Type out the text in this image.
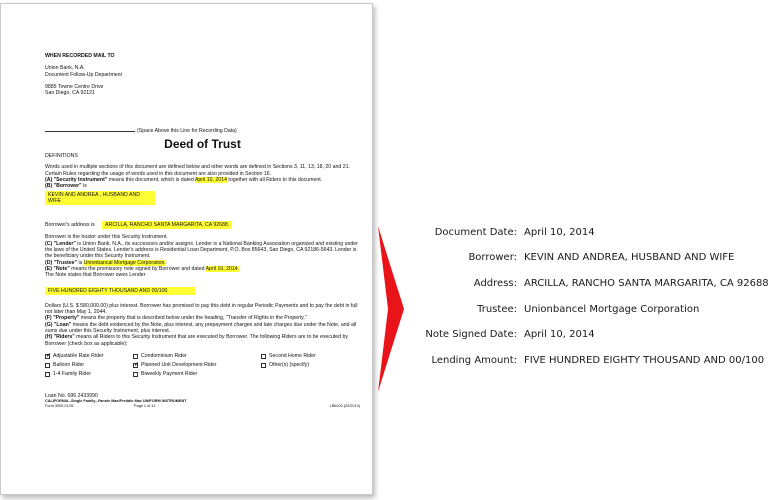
WHEN RECORDED MAIL TO
Union Bank, N.A.
Document Follow-Up Department

9885 Towne Centre Drive
San Diego, CA 92121
(Space Above this Line for Recording Data)
Deed of Trust
DEFINITIONS
Words used in multiple sections of this document are defined below and other words are defined in Sections 3, 11, 13, 18, 20 and 21. Certain Rules regarding the usage of words used in this document are also provided in Section 16.
(A) "Security Instrument" means this document, which is dated April 10, 2014 together with all Riders to this document.
(B) "Borrower" is
KEVIN AND ANDREA , HUSBAND AND WIFE
Borrower's address is ARCILLA, RANCHO SANTA MARGARITA, CA 92688.
Borrower is the trustor under this Security Instrument.
(C) "Lender" is Union Bank, N.A., its successors and/or assigns. Lender is a National Banking Association organized and existing under the laws of the United States. Lender's address is Residential Loan Department, P.O. Box 85643, San Diego, CA 92186-5643. Lender is the beneficiary under this Security Instrument.
(D) "Trustee" is Unionbancal Mortgage Corporation.
(E) "Note" means the promissory note signed by Borrower and dated April 10, 2014.
The Note states that Borrower owes Lender
FIVE HUNDRED EIGHTY THOUSAND AND 00/100
Dollars (U.S. $ 580,000.00) plus interest. Borrower has promised to pay this debt in regular Periodic Payments and to pay the debt in full not later than May 1, 2044.
(F) "Property" means the property that is described below under the heading, "Transfer of Rights in the Property."
(G) "Loan" means the debt evidenced by the Note, plus interest, any prepayment charges and late charges due under the Note, and all sums due under this Security Instrument, plus interest.
(H) "Riders" means all Riders to this Security Instrument that are executed by Borrower. The following Riders are to be executed by Borrower (check box as applicable):
✓
Adjustable Rate Rider
Balloon Rider
1-4 Family Rider
Condominium Rider
✓
Planned Unit Development Rider
Biweekly Payment Rider
Second Home Rider
Other(s) (specify)
Loan No. 696 2433990
CALIFORNIA--Single Family--Fannie Mae/Freddie Mac UNIFORM INSTRUMENT
Form 3005 01/01	Page 1 of 12	LB6200 (02/2013)
Document Date: April 10, 2014
Borrower: KEVIN AND ANDREA, HUSBAND AND WIFE
Address: ARCILLA, RANCHO SANTA MARGARITA, CA 92688
Trustee: Unionbancel Mortgage Corporation
Note Signed Date: April 10, 2014
Lending Amount: FIVE HUNDRED EIGHTY THOUSAND AND 00/100
